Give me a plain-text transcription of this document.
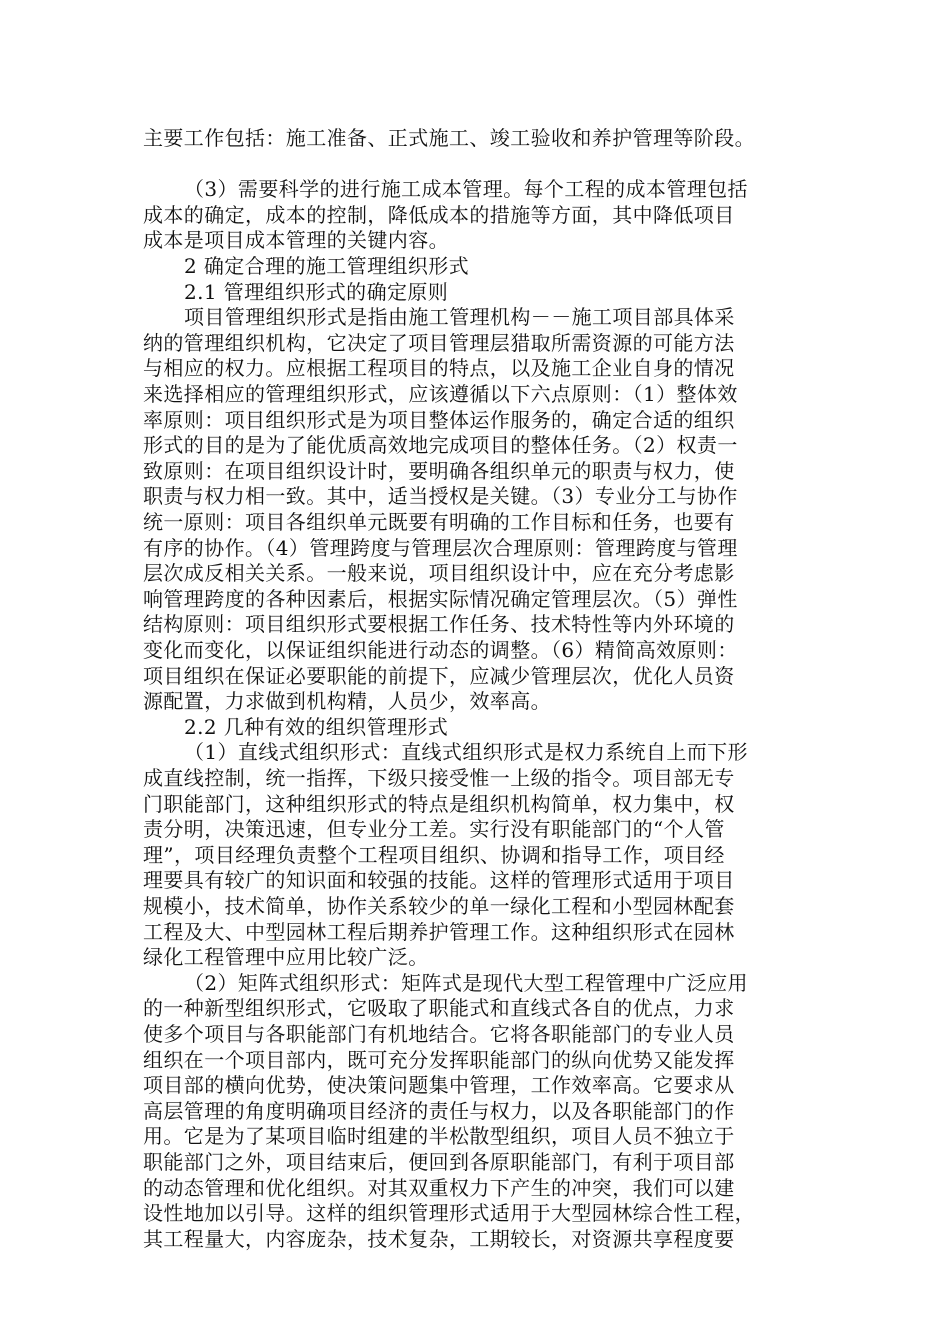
主要工作包括：施工准备、正式施工、竣工验收和养护管理等阶段。
（3）需要科学的进行施工成本管理。每个工程的成本管理包括
成本的确定，成本的控制，降低成本的措施等方面，其中降低项目
成本是项目成本管理的关键内容。
2 确定合理的施工管理组织形式
2.1 管理组织形式的确定原则
项目管理组织形式是指由施工管理机构－－施工项目部具体采
纳的管理组织机构，它决定了项目管理层猎取所需资源的可能方法
与相应的权力。应根据工程项目的特点，以及施工企业自身的情况
来选择相应的管理组织形式，应该遵循以下六点原则：（1）整体效
率原则：项目组织形式是为项目整体运作服务的，确定合适的组织
形式的目的是为了能优质高效地完成项目的整体任务。（2）权责一
致原则：在项目组织设计时，要明确各组织单元的职责与权力，使
职责与权力相一致。其中，适当授权是关键。（3）专业分工与协作
统一原则：项目各组织单元既要有明确的工作目标和任务，也要有
有序的协作。（4）管理跨度与管理层次合理原则：管理跨度与管理
层次成反相关关系。一般来说，项目组织设计中，应在充分考虑影
响管理跨度的各种因素后，根据实际情况确定管理层次。（5）弹性
结构原则：项目组织形式要根据工作任务、技术特性等内外环境的
变化而变化，以保证组织能进行动态的调整。（6）精简高效原则：
项目组织在保证必要职能的前提下，应减少管理层次，优化人员资
源配置，力求做到机构精，人员少，效率高。
2.2 几种有效的组织管理形式
（1）直线式组织形式：直线式组织形式是权力系统自上而下形
成直线控制，统一指挥，下级只接受惟一上级的指令。项目部无专
门职能部门，这种组织形式的特点是组织机构简单，权力集中，权
责分明，决策迅速，但专业分工差。实行没有职能部门的“个人管
理”，项目经理负责整个工程项目组织、协调和指导工作，项目经
理要具有较广的知识面和较强的技能。这样的管理形式适用于项目
规模小，技术简单，协作关系较少的单一绿化工程和小型园林配套
工程及大、中型园林工程后期养护管理工作。这种组织形式在园林
绿化工程管理中应用比较广泛。
（2）矩阵式组织形式：矩阵式是现代大型工程管理中广泛应用
的一种新型组织形式，它吸取了职能式和直线式各自的优点，力求
使多个项目与各职能部门有机地结合。它将各职能部门的专业人员
组织在一个项目部内，既可充分发挥职能部门的纵向优势又能发挥
项目部的横向优势，使决策问题集中管理，工作效率高。它要求从
高层管理的角度明确项目经济的责任与权力，以及各职能部门的作
用。它是为了某项目临时组建的半松散型组织，项目人员不独立于
职能部门之外，项目结束后，便回到各原职能部门，有利于项目部
的动态管理和优化组织。对其双重权力下产生的冲突，我们可以建
设性地加以引导。这样的组织管理形式适用于大型园林综合性工程，
其工程量大，内容庞杂，技术复杂，工期较长，对资源共享程度要
